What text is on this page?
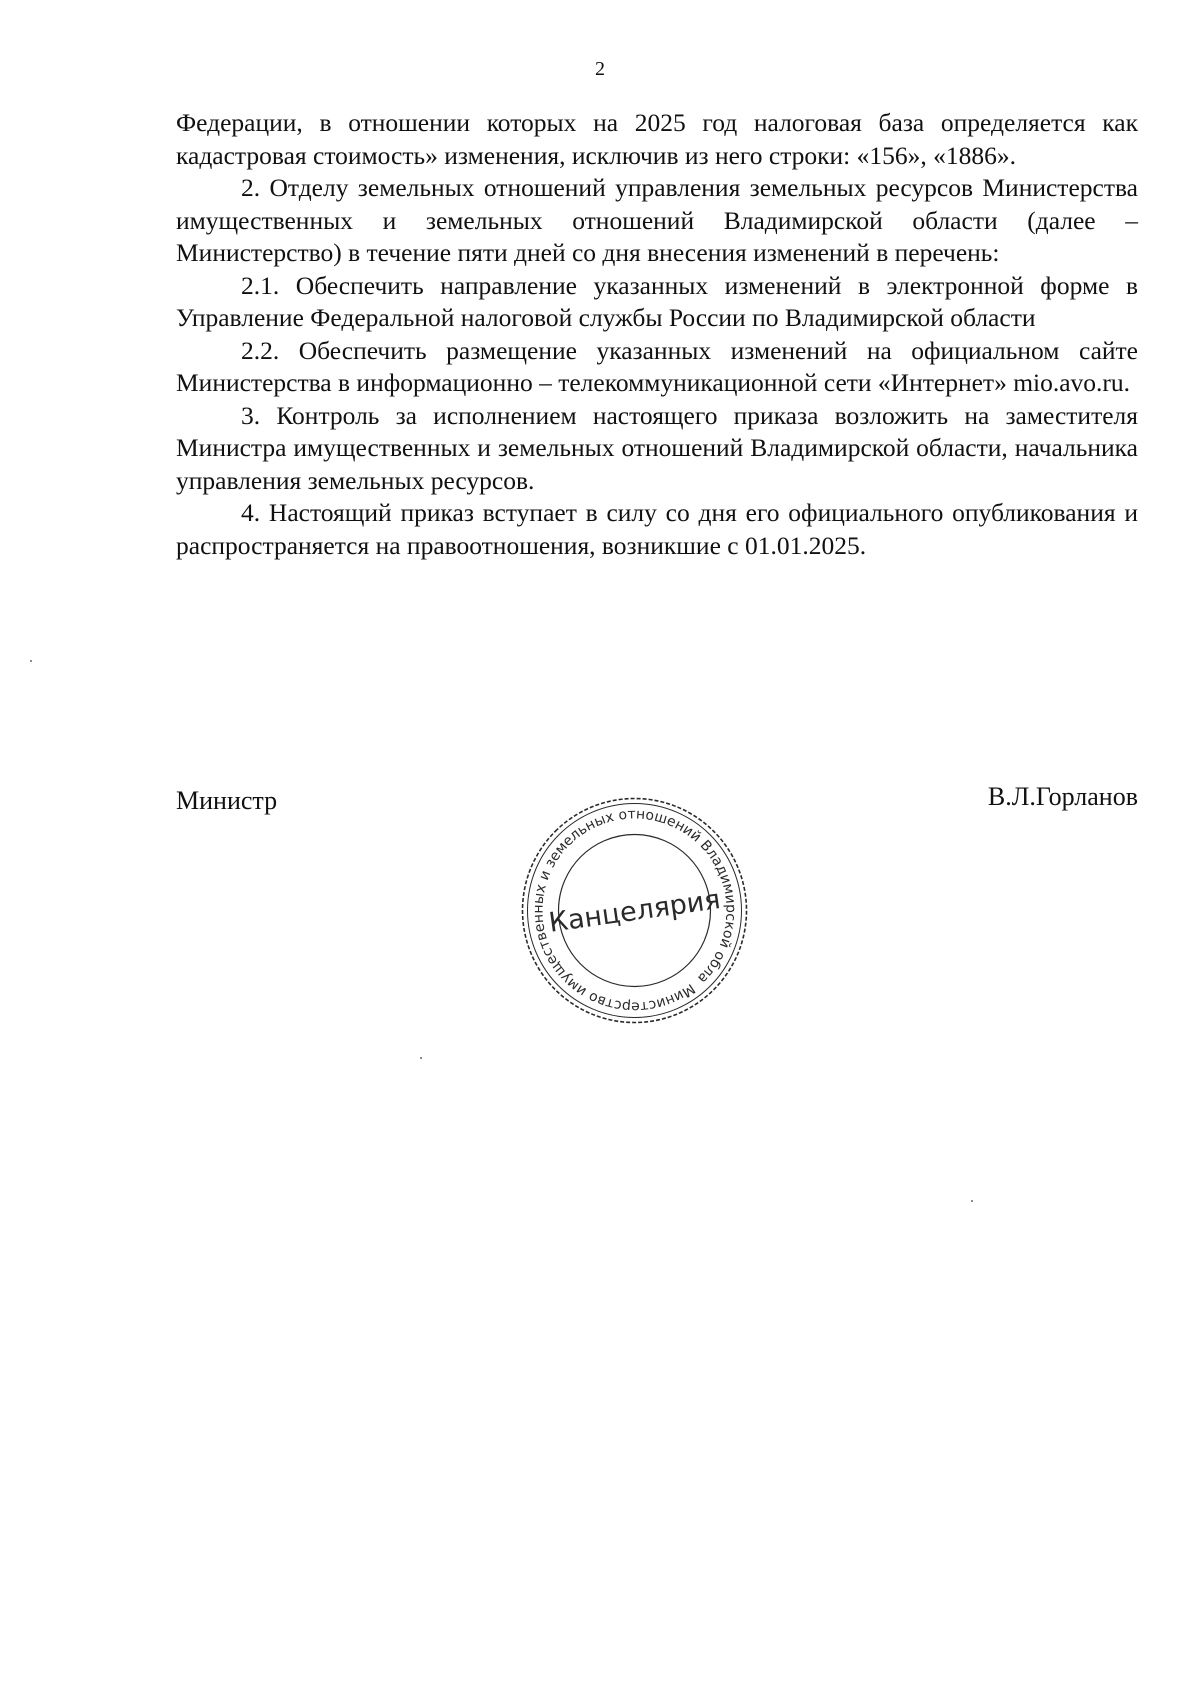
2

Федерации, в отношении которых на 2025 год налоговая база определяется как кадастровая стоимость» изменения, исключив из него строки: «156», «1886».

2. Отделу земельных отношений управления земельных ресурсов Министерства имущественных и земельных отношений Владимирской области (далее – Министерство) в течение пяти дней со дня внесения изменений в перечень:

2.1. Обеспечить направление указанных изменений в электронной форме в Управление Федеральной налоговой службы России по Владимирской области

2.2. Обеспечить размещение указанных изменений на официальном сайте Министерства в информационно – телекоммуникационной сети «Интернет» mio.avo.ru.

3. Контроль за исполнением настоящего приказа возложить на заместителя Министра имущественных и земельных отношений Владимирской области, начальника управления земельных ресурсов.

4. Настоящий приказ вступает в силу со дня его официального опубликования и распространяется на правоотношения, возникшие с 01.01.2025.

Министр	В.Л.Горланов
Министерство имущественных и земельных отношений Владимирской области
Канцелярия
